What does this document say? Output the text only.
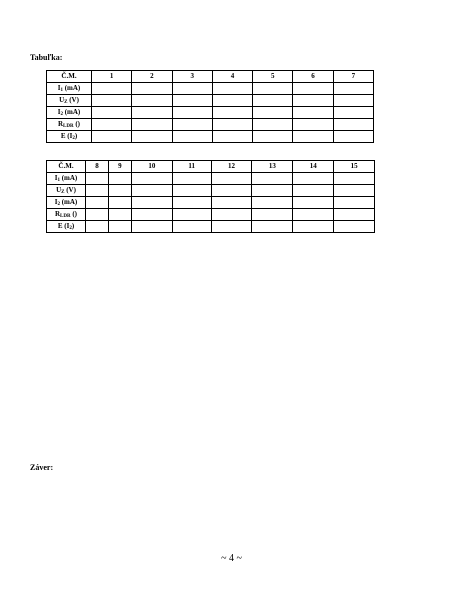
Tabuľka:
Č.M.	1	2	3	4	5	6	7
$I_1$ (mA)							
$U_Z$ (V)							
$I_2$ (mA)							
$R_{LDR}$ ()							
E $(I_2)$							
Č.M.	8	9	10	11	12	13	14	15
$I_1$ (mA)								
$U_Z$ (V)								
$I_2$ (mA)								
$R_{LDR}$ ()								
E $(I_2)$								
Záver:
~ 4 ~
